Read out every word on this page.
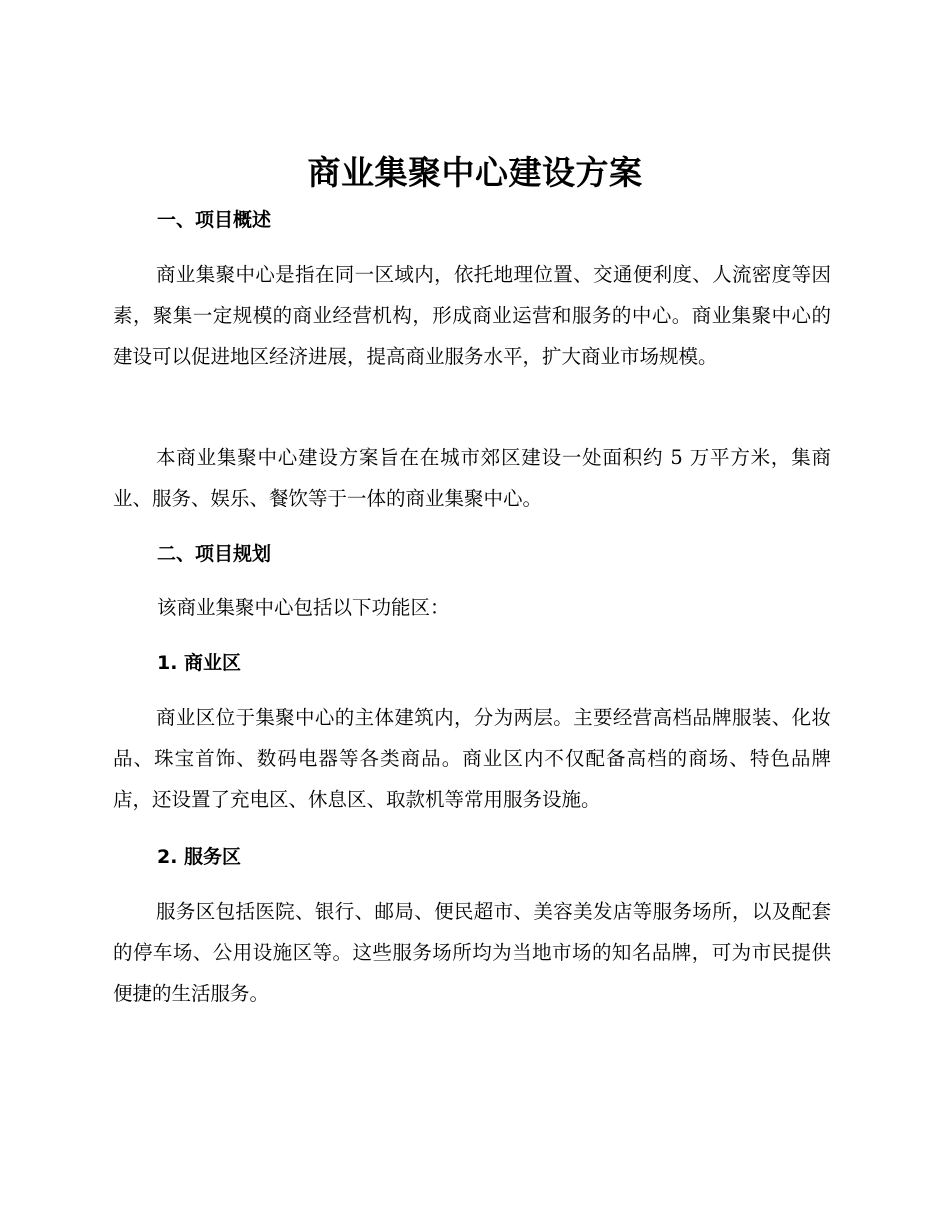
商业集聚中心建设方案
一、项目概述

商业集聚中心是指在同一区域内，依托地理位置、交通便利度、人流密度等因素，聚集一定规模的商业经营机构，形成商业运营和服务的中心。商业集聚中心的建设可以促进地区经济进展，提高商业服务水平，扩大商业市场规模。

本商业集聚中心建设方案旨在在城市郊区建设一处面积约 5 万平方米，集商业、服务、娱乐、餐饮等于一体的商业集聚中心。

二、项目规划

该商业集聚中心包括以下功能区：

1. 商业区

商业区位于集聚中心的主体建筑内，分为两层。主要经营高档品牌服装、化妆品、珠宝首饰、数码电器等各类商品。商业区内不仅配备高档的商场、特色品牌店，还设置了充电区、休息区、取款机等常用服务设施。

2. 服务区

服务区包括医院、银行、邮局、便民超市、美容美发店等服务场所，以及配套的停车场、公用设施区等。这些服务场所均为当地市场的知名品牌，可为市民提供便捷的生活服务。
